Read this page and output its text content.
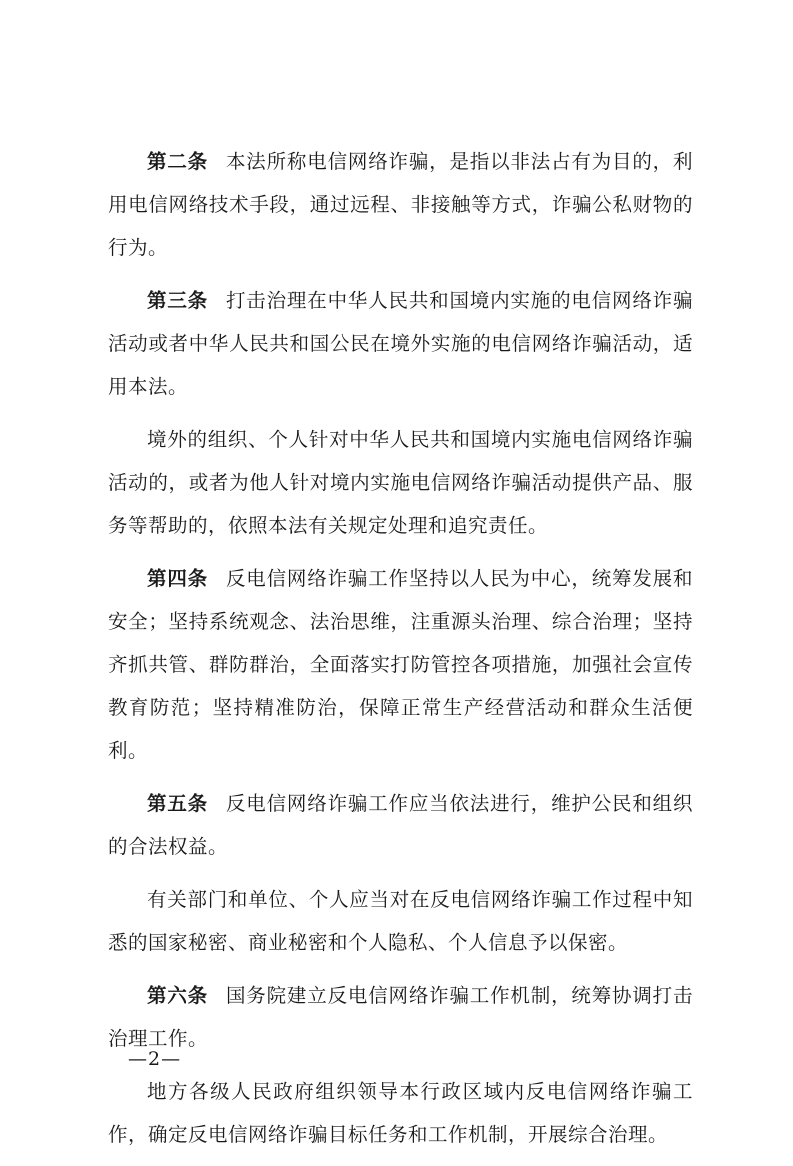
第二条 本法所称电信网络诈骗，是指以非法占有为目的，利用电信网络技术手段，通过远程、非接触等方式，诈骗公私财物的行为。

第三条 打击治理在中华人民共和国境内实施的电信网络诈骗活动或者中华人民共和国公民在境外实施的电信网络诈骗活动，适用本法。

境外的组织、个人针对中华人民共和国境内实施电信网络诈骗活动的，或者为他人针对境内实施电信网络诈骗活动提供产品、服务等帮助的，依照本法有关规定处理和追究责任。

第四条 反电信网络诈骗工作坚持以人民为中心，统筹发展和安全；坚持系统观念、法治思维，注重源头治理、综合治理；坚持齐抓共管、群防群治，全面落实打防管控各项措施，加强社会宣传教育防范；坚持精准防治，保障正常生产经营活动和群众生活便利。

第五条 反电信网络诈骗工作应当依法进行，维护公民和组织的合法权益。

有关部门和单位、个人应当对在反电信网络诈骗工作过程中知悉的国家秘密、商业秘密和个人隐私、个人信息予以保密。

第六条 国务院建立反电信网络诈骗工作机制，统筹协调打击治理工作。

地方各级人民政府组织领导本行政区域内反电信网络诈骗工作，确定反电信网络诈骗目标任务和工作机制，开展综合治理。

—2—
